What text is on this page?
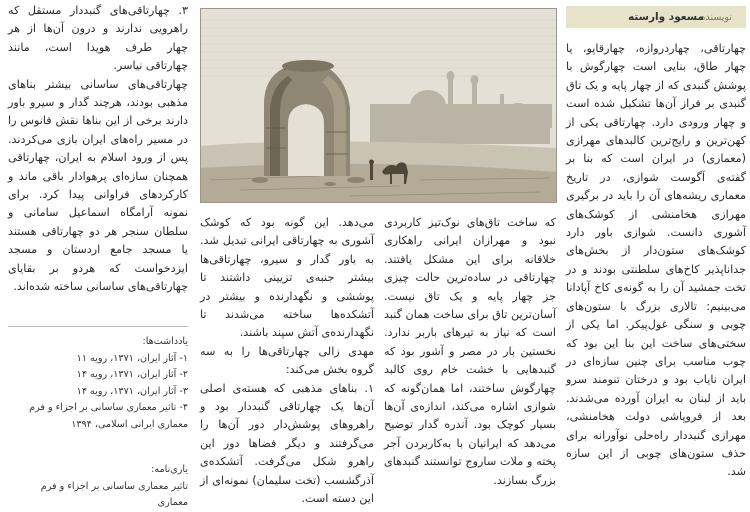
نویسنده
مسعود وارسته

چهارتاقی، چهاردروازه، چهارقاپو، یا چهار طاق، بنایی است چهارگوش با پوشش گنبدی که از چهار پایه و یک تاق گنبدی بر فراز آن‌ها تشکیل شده است و چهار ورودی دارد. چهارتاقی یکی از کهن‌ترین و رایج‌ترین کالبدهای مهرازی (معماری) در ایران است که بنا بر گفته‌ی آگوست شوازی، در تاریخ معماری ریشه‌های آن را باید در برگیری مهرازی هخامنشی از کوشک‌های آشوری دانست. شوازی باور دارد کوشک‌های ستون‌دار از بخش‌های جداناپذیر کاخ‌های سلطنتی بودند و در تخت جمشید آن را به گونه‌ی کاخ آپادانا می‌بینیم: تالاری بزرگ با ستون‌های چوبی و سنگی غول‌پیکر. اما یکی از سختی‌های ساخت این بنا این بود که چوب مناسب برای چنین سازه‌ای در ایران نایاب بود و درختان تنومند سرو باید از لبنان به ایران آورده می‌شدند. بعد از فروپاشی دولت هخامنشی، مهرازی گنبددار راه‌حلی نوآورانه برای حذف ستون‌های چوبی از این سازه شد.

که ساخت تاق‌های نوک‌تیز کاربردی نبود و مهرازان ایرانی راهکاری خلاقانه برای این مشکل یافتند. چهارتاقی در ساده‌ترین حالت چیزی جز چهار پایه و یک تاق نیست. آسان‌ترین تاق برای ساخت همان گنبد است که نیاز به تیرهای باربر ندارد. نخستین بار در مصر و آشور بود که گنبدهایی با خشت خام روی کالبد چهارگوش ساختند، اما همان‌گونه که شوازی اشاره می‌کند، اندازه‌ی آن‌ها بسیار کوچک بود. آندره گدار توضیح می‌دهد که ایرانیان با به‌کاربردن آجر پخته و ملات ساروج توانستند گنبدهای بزرگ بسازند.

می‌دهد. این گونه بود که کوشک آشوری به چهارتاقی ایرانی تبدیل شد. به باور گدار و سیرو، چهارتاقی‌ها بیشتر جنبه‌ی تزیینی داشتند تا پوششی و نگهدارنده و بیشتر در آتشکده‌ها ساخته می‌شدند تا نگهدارنده‌ی آتش سپند باشند.

مهدی زالی چهارتاقی‌ها را به سه گروه بخش می‌کند:

۱. بناهای مذهبی که هسته‌ی اصلی آن‌ها یک چهارتاقی گنبددار بود و راهروهای پوشش‌دار دور آن‌ها را می‌گرفتند و دیگر فضاها دور این راهرو شکل می‌گرفت. آتشکده‌ی آذرگشسب (تخت سلیمان) نمونه‌ای از این دسته است.

۳. چهارتاقی‌های گنبددار مستقل که راهرویی ندارند و درون آن‌ها از هر چهار طرف هویدا است، مانند چهارتاقی نیاسر.

چهارتاقی‌های ساسانی بیشتر بناهای مذهبی بودند، هرچند گدار و سیرو باور دارند برخی از این بناها نقش فانوس را در مسیر راه‌های ایران بازی می‌کردند. پس از ورود اسلام به ایران، چهارتاقی همچنان سازه‌ای پرهوادار باقی ماند و کارکردهای فراوانی پیدا کرد. برای نمونه آرامگاه اسماعیل سامانی و سلطان سنجر هر دو چهارتاقی هستند یا مسجد جامع اردستان و مسجد ایزدخواست که هردو بر بقایای چهارتاقی‌های ساسانی ساخته شده‌اند.

یادداشت‌ها:
۱- آثار ایران، ۱۳۷۱، رویه ۱۱
۲- آثار ایران، ۱۳۷۱، رویه ۱۴
۳- آثار ایران، ۱۳۷۱، رویه ۱۴
۴- تاثیر معماری ساسانی بر اجزاء و فرم معماری ایرانی اسلامی، ۱۳۹۴
یاری‌نامه:
تاثیر معماری ساسانی بر اجزاء و فرم معماری
